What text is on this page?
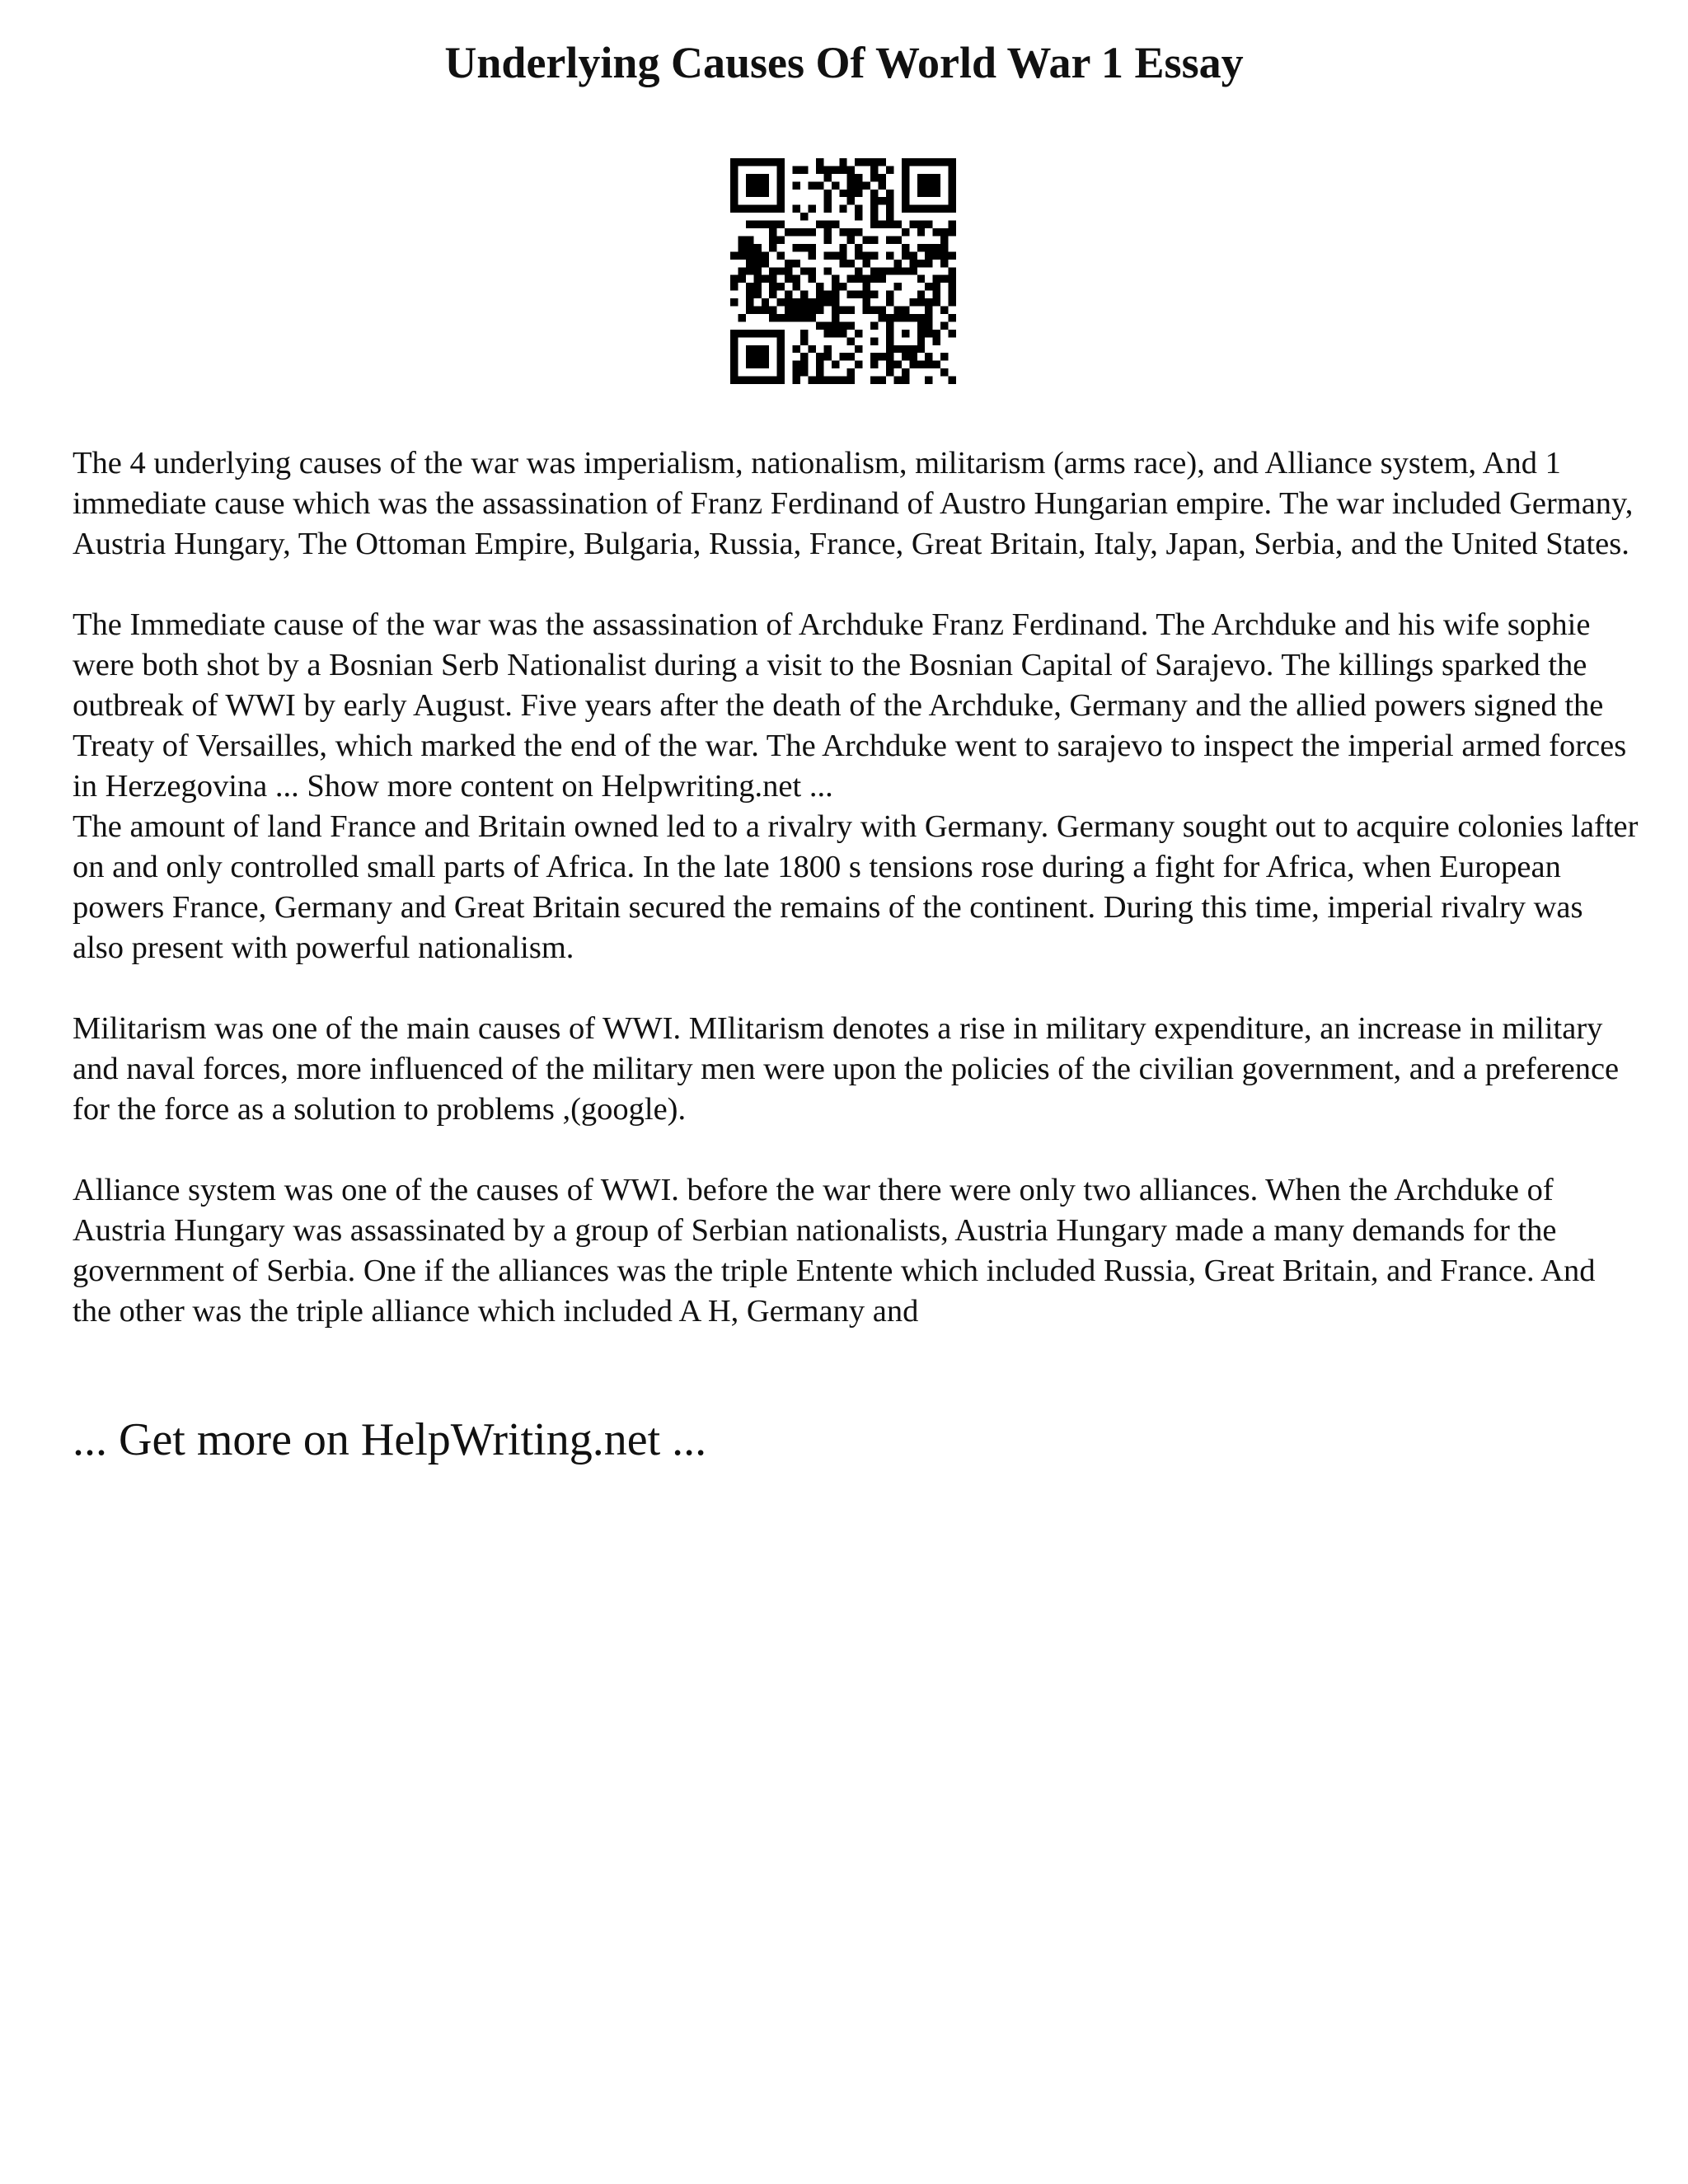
Underlying Causes Of World War 1 Essay

The 4 underlying causes of the war was imperialism, nationalism, militarism (arms race), and Alliance system, And 1 immediate cause which was the assassination of Franz Ferdinand of Austro Hungarian empire. The war included Germany, Austria Hungary, The Ottoman Empire, Bulgaria, Russia, France, Great Britain, Italy, Japan, Serbia, and the United States.

The Immediate cause of the war was the assassination of Archduke Franz Ferdinand. The Archduke and his wife sophie were both shot by a Bosnian Serb Nationalist during a visit to the Bosnian Capital of Sarajevo. The killings sparked the outbreak of WWI by early August. Five years after the death of the Archduke, Germany and the allied powers signed the Treaty of Versailles, which marked the end of the war. The Archduke went to sarajevo to inspect the imperial armed forces in Herzegovina ... Show more content on Helpwriting.net ...

The amount of land France and Britain owned led to a rivalry with Germany. Germany sought out to acquire colonies lafter on and only controlled small parts of Africa. In the late 1800 s tensions rose during a fight for Africa, when European powers France, Germany and Great Britain secured the remains of the continent. During this time, imperial rivalry was also present with powerful nationalism.

Militarism was one of the main causes of WWI. MIlitarism denotes a rise in military expenditure, an increase in military and naval forces, more influenced of the military men were upon the policies of the civilian government, and a preference for the force as a solution to problems ,(google).

Alliance system was one of the causes of WWI. before the war there were only two alliances. When the Archduke of Austria Hungary was assassinated by a group of Serbian nationalists, Austria Hungary made a many demands for the government of Serbia. One if the alliances was the triple Entente which included Russia, Great Britain, and France. And the other was the triple alliance which included A H, Germany and

... Get more on HelpWriting.net ...
